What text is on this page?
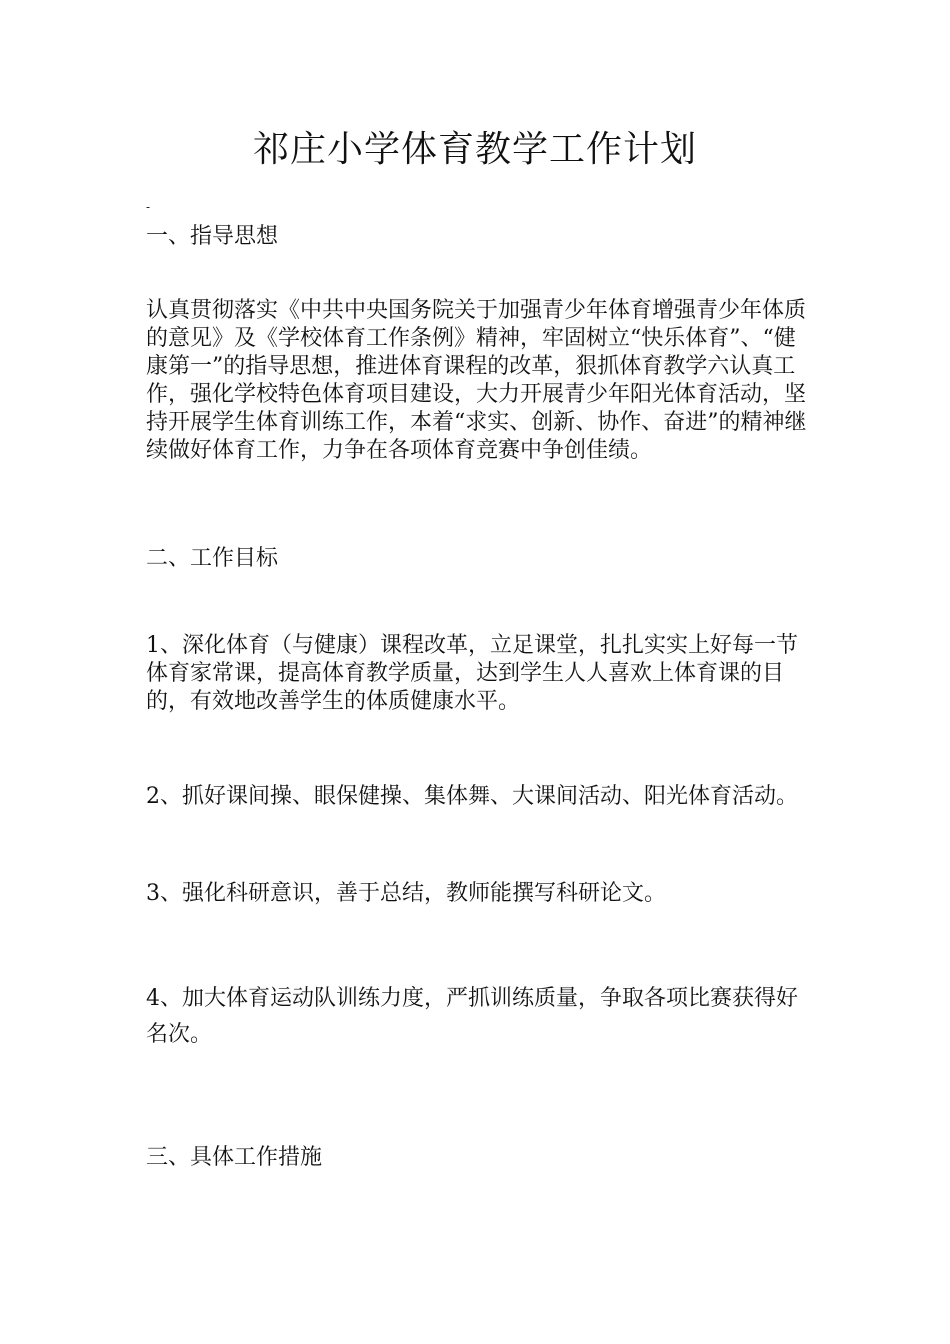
祁庄小学体育教学工作计划
-
一、指导思想

认真贯彻落实《中共中央国务院关于加强青少年体育增强青少年体质的意见》及《学校体育工作条例》精神，牢固树立“快乐体育”、“健康第一”的指导思想，推进体育课程的改革，狠抓体育教学六认真工作，强化学校特色体育项目建设，大力开展青少年阳光体育活动，坚持开展学生体育训练工作，本着“求实、创新、协作、奋进”的精神继续做好体育工作，力争在各项体育竞赛中争创佳绩。

二、工作目标

1、深化体育（与健康）课程改革，立足课堂，扎扎实实上好每一节体育家常课，提高体育教学质量，达到学生人人喜欢上体育课的目的，有效地改善学生的体质健康水平。

2、抓好课间操、眼保健操、集体舞、大课间活动、阳光体育活动。

3、强化科研意识，善于总结，教师能撰写科研论文。

4、加大体育运动队训练力度，严抓训练质量，争取各项比赛获得好名次。

三、具体工作措施
